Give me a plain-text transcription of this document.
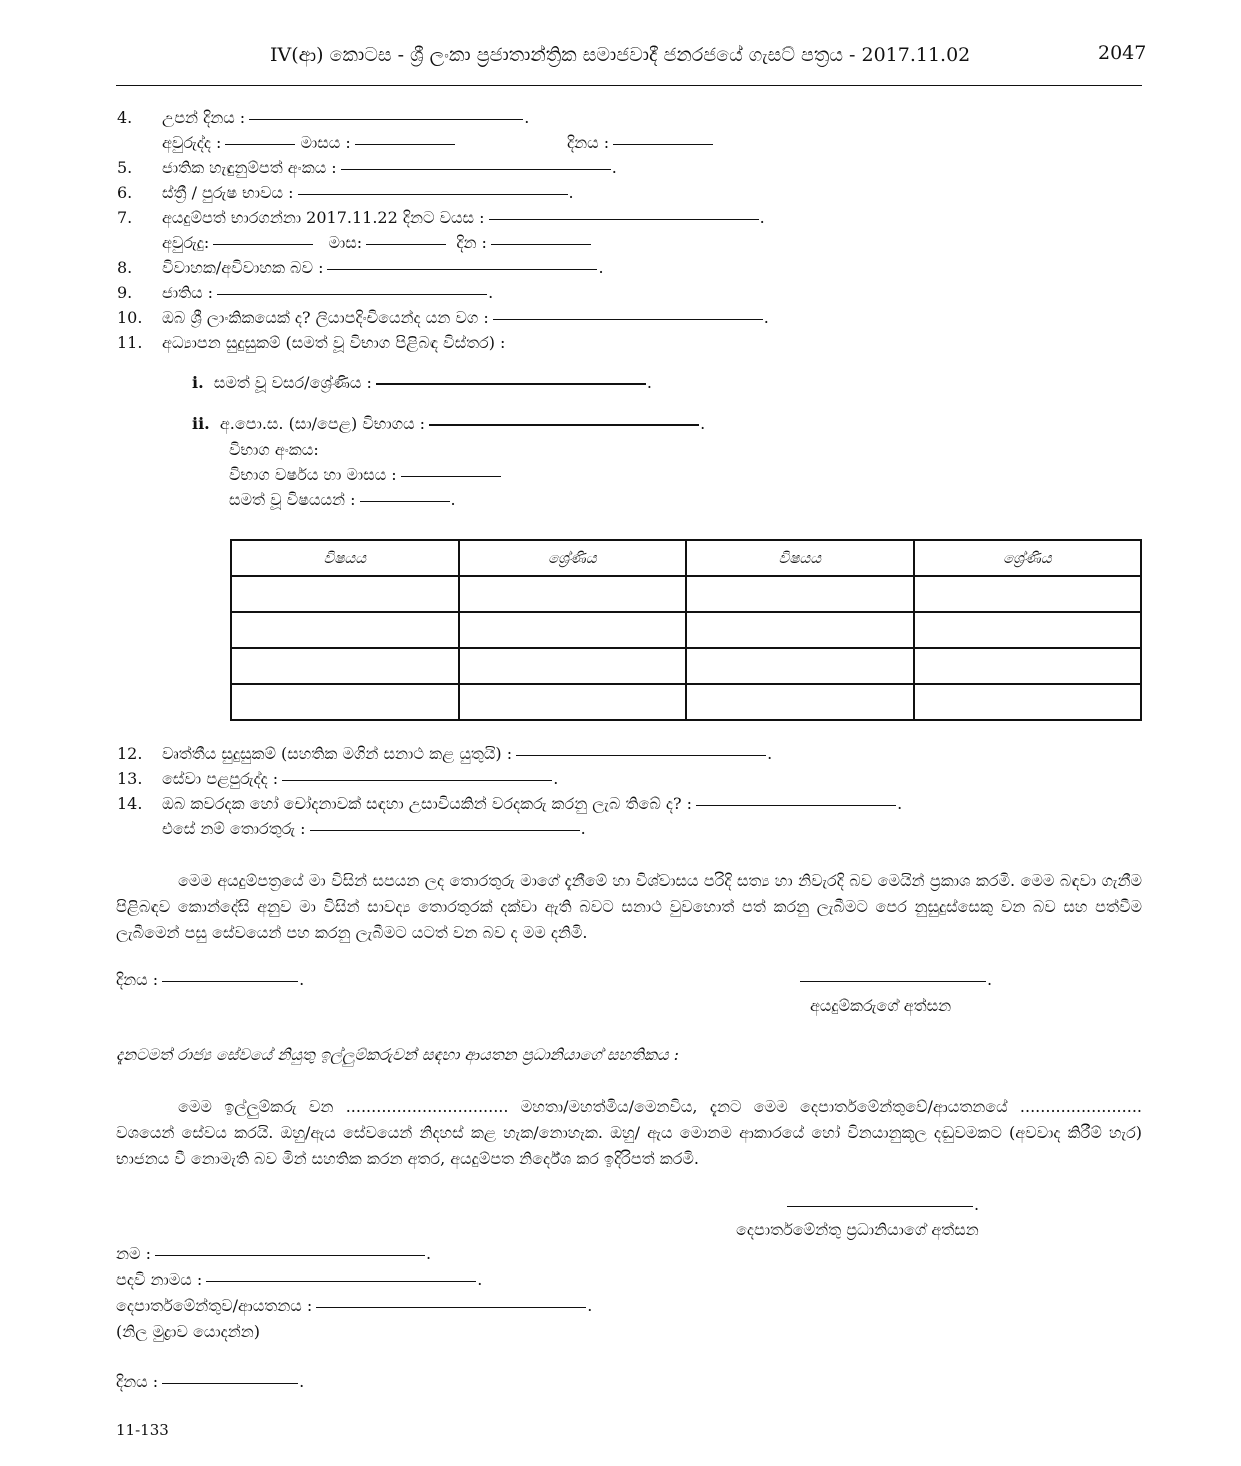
IV(ආ) කොටස - ශ්‍රී ලංකා ප්‍රජාතාන්ත්‍රික සමාජවාදී ජනරජයේ ගැසට් පත්‍රය - 2017.11.02	2047
4. උපන් දිනය :	.
අවුරුද්ද :	මාසය :	දිනය :
5. ජාතික හැඳුනුම්පත් අංකය :	.
6. ස්ත්‍රී / පුරුෂ භාවය :	.
7. අයදුම්පත් භාරගන්නා 2017.11.22 දිනට වයස :	.
අවුරුදු:	මාස:	දින :
8. විවාහක/අවිවාහක බව :	.
9. ජාතිය :	.
10. ඔබ ශ්‍රී ලාංකිකයෙක් ද? ලියාපදිංචියෙන්ද යන වග :	.
11. අධ්‍යාපන සුදුසුකම් (සමත් වූ විභාග පිළිබඳ විස්තර) :
i. සමත් වූ වසර/ශ්‍රේණිය :	.
ii. අ.පො.ස. (සා/පෙළ) විභාගය :	.
විභාග අංකය:
විභාග වර්ෂය හා මාසය :
සමත් වූ විෂයයන් :	.
විෂයය	ශ්‍රේණිය	විෂයය	ශ්‍රේණිය

12. වෘත්තීය සුදුසුකම් (සහතික මගින් සනාථ කළ යුතුයි) :	.
13. සේවා පළපුරුද්ද :	.
14. ඔබ කවරදක හෝ චෝදනාවක් සඳහා උසාවියකින් වරදකරු කරනු ලැබ තිබේ ද? :	.
එසේ නම් තොරතුරු :	.
මෙම අයදුම්පත්‍රයේ මා විසින් සපයන ලද තොරතුරු මාගේ දැනීමේ හා විශ්වාසය පරිදි සත්‍ය හා නිවැරදි බව මෙයින් ප්‍රකාශ කරමි. මෙම බඳවා ගැනීම පිළිබඳව කොන්දේසි අනුව මා විසින් සාවද්‍ය තොරතුරක් දක්වා ඇති බවට සනාථ වුවහොත් පත් කරනු ලැබීමට පෙර නුසුදුස්සෙකු වන බව සහ පත්වීම ලැබීමෙන් පසු සේවයෙන් පහ කරනු ලැබීමට යටත් වන බව ද මම දනිමි.
දිනය :	.	.
අයදුම්කරුගේ අත්සන
දැනටමත් රාජ්‍ය සේවයේ නියුතු ඉල්ලුම්කරුවන් සඳහා ආයතන ප්‍රධානියාගේ සහතිකය :
මෙම ඉල්ලුම්කරු වන ................................ මහතා/මහත්මිය/මෙනවිය, දැනට මෙම දෙපාර්තමේන්තුවේ/ආයතනයේ ........................ වශයෙන් සේවය කරයි. ඔහු/ඇය සේවයෙන් නිදහස් කළ හැක/නොහැක. ඔහු/ ඇය මොනම ආකාරයේ හෝ විනයානුකූල දඬුවමකට (අවවාද කිරීම් හැර) භාජනය වී නොමැති බව මින් සහතික කරන අතර, අයදුම්පත නිර්දේශ කර ඉදිරිපත් කරමි.
.
දෙපාර්තමේන්තු ප්‍රධානියාගේ අත්සන
නම :	.
පදවි නාමය :	.
දෙපාර්තමේන්තුව/ආයතනය :	.
(නිල මුද්‍රාව යොදන්න)
දිනය :	.
11-133
